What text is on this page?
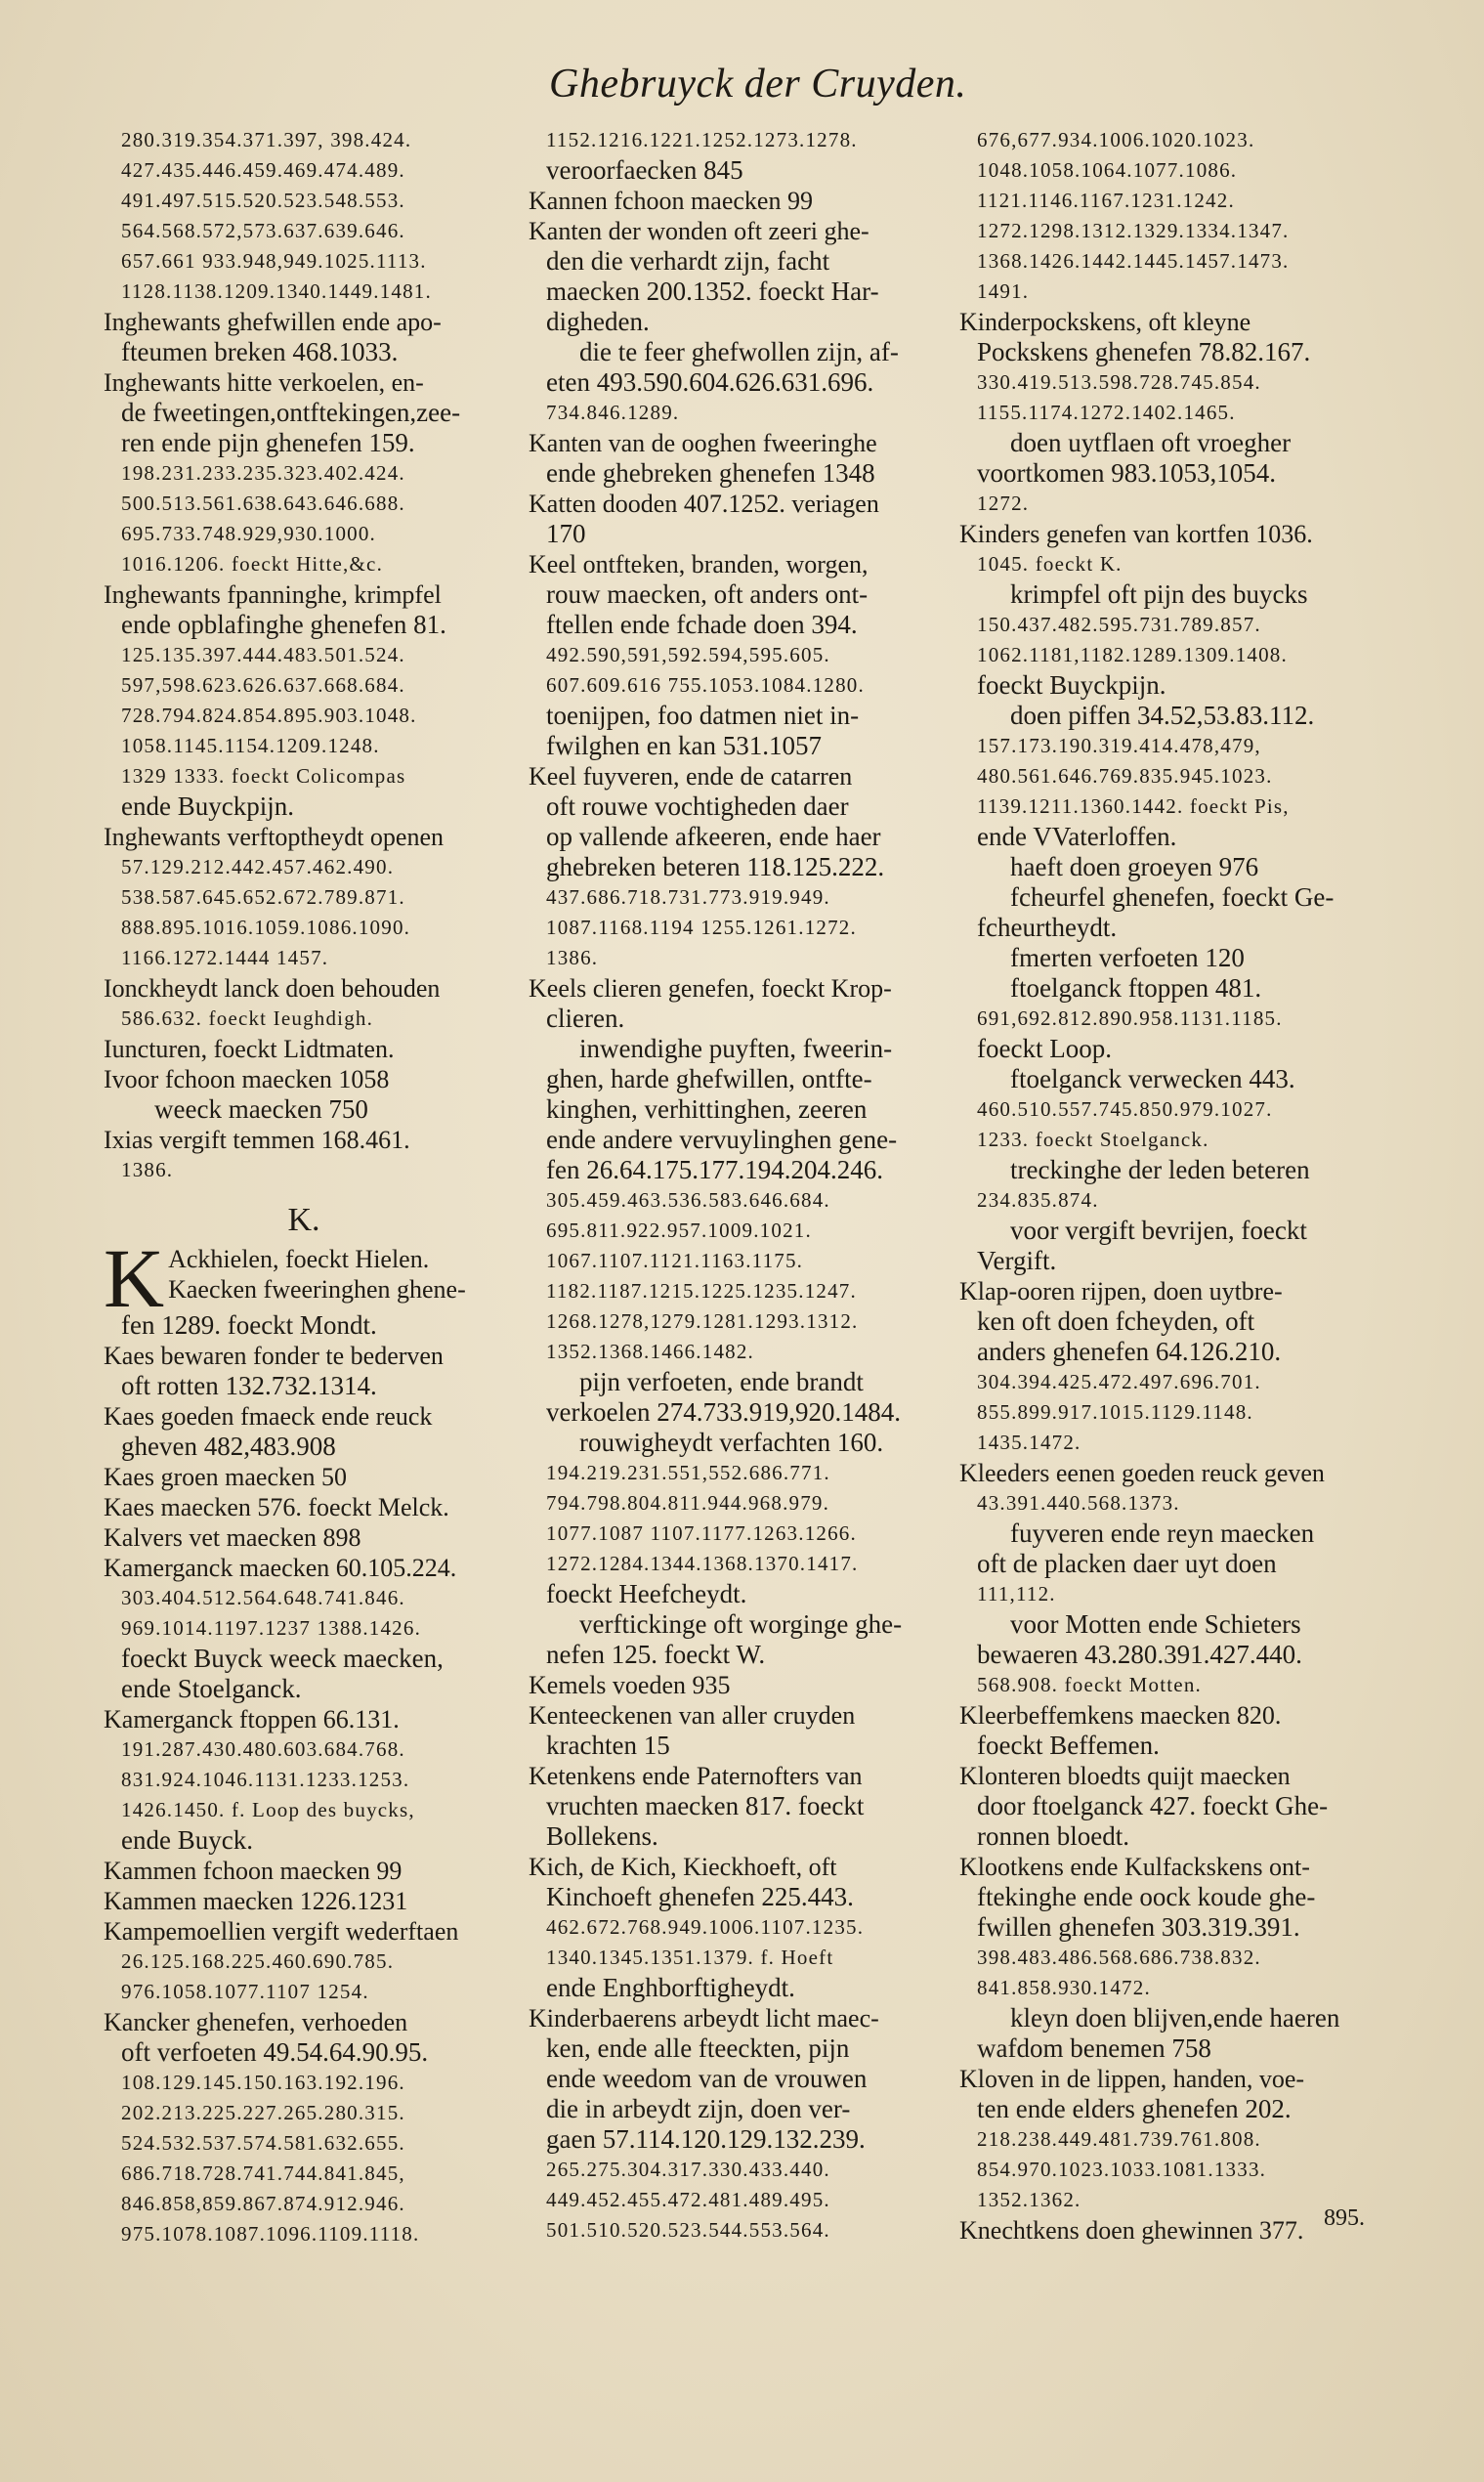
Ghebruyck der Cruyden.
280.319.354.371.397, 398.424.
427.435.446.459.469.474.489.
491.497.515.520.523.548.553.
564.568.572,573.637.639.646.
657.661 933.948,949.1025.1113.
1128.1138.1209.1340.1449.1481.
Inghewants ghefwillen ende apo-
fteumen breken 468.1033.
Inghewants hitte verkoelen, en-
de fweetingen,ontftekingen,zee-
ren ende pijn ghenefen 159.
198.231.233.235.323.402.424.
500.513.561.638.643.646.688.
695.733.748.929,930.1000.
1016.1206. foeckt Hitte,&c.
Inghewants fpanninghe, krimpfel
ende opblafinghe ghenefen 81.
125.135.397.444.483.501.524.
597,598.623.626.637.668.684.
728.794.824.854.895.903.1048.
1058.1145.1154.1209.1248.
1329 1333. foeckt Colicompas
ende Buyckpijn.
Inghewants verftoptheydt openen
57.129.212.442.457.462.490.
538.587.645.652.672.789.871.
888.895.1016.1059.1086.1090.
1166.1272.1444 1457.
Ionckheydt lanck doen behouden
586.632. foeckt Ieughdigh.
Iuncturen, foeckt Lidtmaten.
Ivoor fchoon maecken 1058
weeck maecken 750
Ixias vergift temmen 168.461.
1386.
K.
K Ackhielen, foeckt Hielen.
Kaecken fweeringhen ghene-
fen 1289. foeckt Mondt.
Kaes bewaren fonder te bederven
oft rotten 132.732.1314.
Kaes goeden fmaeck ende reuck
gheven 482,483.908
Kaes groen maecken 50
Kaes maecken 576. foeckt Melck.
Kalvers vet maecken 898
Kamerganck maecken 60.105.224.
303.404.512.564.648.741.846.
969.1014.1197.1237 1388.1426.
foeckt Buyck weeck maecken,
ende Stoelganck.
Kamerganck ftoppen 66.131.
191.287.430.480.603.684.768.
831.924.1046.1131.1233.1253.
1426.1450. f. Loop des buycks,
ende Buyck.
Kammen fchoon maecken 99
Kammen maecken 1226.1231
Kampemoellien vergift wederftaen
26.125.168.225.460.690.785.
976.1058.1077.1107 1254.
Kancker ghenefen, verhoeden
oft verfoeten 49.54.64.90.95.
108.129.145.150.163.192.196.
202.213.225.227.265.280.315.
524.532.537.574.581.632.655.
686.718.728.741.744.841.845,
846.858,859.867.874.912.946.
975.1078.1087.1096.1109.1118.
1152.1216.1221.1252.1273.1278.
veroorfaecken 845
Kannen fchoon maecken 99
Kanten der wonden oft zeeri ghe-
den die verhardt zijn, facht
maecken 200.1352. foeckt Har-
digheden.
die te feer ghefwollen zijn, af-
eten 493.590.604.626.631.696.
734.846.1289.
Kanten van de ooghen fweeringhe
ende ghebreken ghenefen 1348
Katten dooden 407.1252. veriagen
170
Keel ontfteken, branden, worgen,
rouw maecken, oft anders ont-
ftellen ende fchade doen 394.
492.590,591,592.594,595.605.
607.609.616 755.1053.1084.1280.
toenijpen, foo datmen niet in-
fwilghen en kan 531.1057
Keel fuyveren, ende de catarren
oft rouwe vochtigheden daer
op vallende afkeeren, ende haer
ghebreken beteren 118.125.222.
437.686.718.731.773.919.949.
1087.1168.1194 1255.1261.1272.
1386.
Keels clieren genefen, foeckt Krop-
clieren.
inwendighe puyften, fweerin-
ghen, harde ghefwillen, ontfte-
kinghen, verhittinghen, zeeren
ende andere vervuylinghen gene-
fen 26.64.175.177.194.204.246.
305.459.463.536.583.646.684.
695.811.922.957.1009.1021.
1067.1107.1121.1163.1175.
1182.1187.1215.1225.1235.1247.
1268.1278,1279.1281.1293.1312.
1352.1368.1466.1482.
pijn verfoeten, ende brandt
verkoelen 274.733.919,920.1484.
rouwigheydt verfachten 160.
194.219.231.551,552.686.771.
794.798.804.811.944.968.979.
1077.1087 1107.1177.1263.1266.
1272.1284.1344.1368.1370.1417.
foeckt Heefcheydt.
verftickinge oft worginge ghe-
nefen 125. foeckt W.
Kemels voeden 935
Kenteeckenen van aller cruyden
krachten 15
Ketenkens ende Paternofters van
vruchten maecken 817. foeckt
Bollekens.
Kich, de Kich, Kieckhoeft, oft
Kinchoeft ghenefen 225.443.
462.672.768.949.1006.1107.1235.
1340.1345.1351.1379. f. Hoeft
ende Enghborftigheydt.
Kinderbaerens arbeydt licht maec-
ken, ende alle fteeckten, pijn
ende weedom van de vrouwen
die in arbeydt zijn, doen ver-
gaen 57.114.120.129.132.239.
265.275.304.317.330.433.440.
449.452.455.472.481.489.495.
501.510.520.523.544.553.564.
676,677.934.1006.1020.1023.
1048.1058.1064.1077.1086.
1121.1146.1167.1231.1242.
1272.1298.1312.1329.1334.1347.
1368.1426.1442.1445.1457.1473.
1491.
Kinderpockskens, oft kleyne
Pockskens ghenefen 78.82.167.
330.419.513.598.728.745.854.
1155.1174.1272.1402.1465.
doen uytflaen oft vroegher
voortkomen 983.1053,1054.
1272.
Kinders genefen van kortfen 1036.
1045. foeckt K.
krimpfel oft pijn des buycks
150.437.482.595.731.789.857.
1062.1181,1182.1289.1309.1408.
foeckt Buyckpijn.
doen piffen 34.52,53.83.112.
157.173.190.319.414.478,479,
480.561.646.769.835.945.1023.
1139.1211.1360.1442. foeckt Pis,
ende VVaterloffen.
haeft doen groeyen 976
fcheurfel ghenefen, foeckt Ge-
fcheurtheydt.
fmerten verfoeten 120
ftoelganck ftoppen 481.
691,692.812.890.958.1131.1185.
foeckt Loop.
ftoelganck verwecken 443.
460.510.557.745.850.979.1027.
1233. foeckt Stoelganck.
treckinghe der leden beteren
234.835.874.
voor vergift bevrijen, foeckt
Vergift.
Klap-ooren rijpen, doen uytbre-
ken oft doen fcheyden, oft
anders ghenefen 64.126.210.
304.394.425.472.497.696.701.
855.899.917.1015.1129.1148.
1435.1472.
Kleeders eenen goeden reuck geven
43.391.440.568.1373.
fuyveren ende reyn maecken
oft de placken daer uyt doen
111,112.
voor Motten ende Schieters
bewaeren 43.280.391.427.440.
568.908. foeckt Motten.
Kleerbeffemkens maecken 820.
foeckt Beffemen.
Klonteren bloedts quijt maecken
door ftoelganck 427. foeckt Ghe-
ronnen bloedt.
Klootkens ende Kulfackskens ont-
ftekinghe ende oock koude ghe-
fwillen ghenefen 303.319.391.
398.483.486.568.686.738.832.
841.858.930.1472.
kleyn doen blijven,ende haeren
wafdom benemen 758
Kloven in de lippen, handen, voe-
ten ende elders ghenefen 202.
218.238.449.481.739.761.808.
854.970.1023.1033.1081.1333.
1352.1362.
Knechtkens doen ghewinnen 377. 895.
